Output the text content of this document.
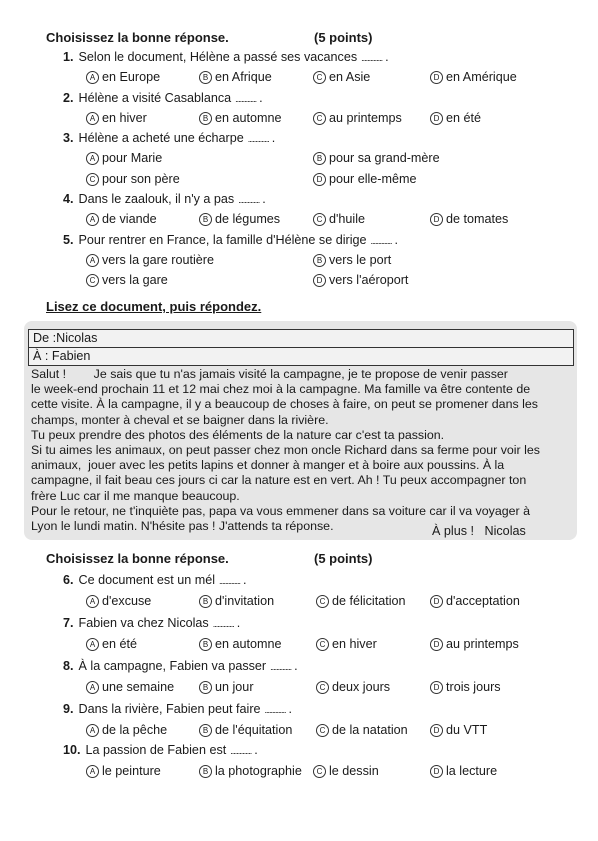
Choisissez la bonne réponse.	(5 points)
1. Selon le document, Hélène a passé ses vacances .............. .
A en Europe	B en Afrique	C en Asie	D en Amérique
2. Hélène a visité Casablanca .............. .
A en hiver	B en automne	C au printemps	D en été
3. Hélène a acheté une écharpe .............. .
A pour Marie	B pour sa grand-mère
C pour son père	D pour elle-même
4. Dans le zaalouk, il n'y a pas .............. .
A de viande	B de légumes	C d'huile	D de tomates
5. Pour rentrer en France, la famille d'Hélène se dirige .............. .
A vers la gare routière	B vers le port
C vers la gare	D vers l'aéroport
Lisez ce document, puis répondez.
De :Nicolas
À : Fabien

Salut !        Je sais que tu n'as jamais visité la campagne, je te propose de venir passer

le week-end prochain 11 et 12 mai chez moi à la campagne. Ma famille va être contente de

cette visite. À la campagne, il y a beaucoup de choses à faire, on peut se promener dans les

champs, monter à cheval et se baigner dans la rivière.

Tu peux prendre des photos des éléments de la nature car c'est ta passion.

Si tu aimes les animaux, on peut passer chez mon oncle Richard dans sa ferme pour voir les

animaux,  jouer avec les petits lapins et donner à manger et à boire aux poussins. À la

campagne, il fait beau ces jours ci car la nature est en vert. Ah ! Tu peux accompagner ton

frère Luc car il me manque beaucoup.

Pour le retour, ne t'inquiète pas, papa va vous emmener dans sa voiture car il va voyager à

Lyon le lundi matin. N'hésite pas ! J'attends ta réponse.	À plus !   Nicolas
Choisissez la bonne réponse.	(5 points)
6. Ce document est un mél .............. .
A d'excuse	B d'invitation	C de félicitation	D d'acceptation
7. Fabien va chez Nicolas .............. .
A en été	B en automne	C en hiver	D au printemps
8. À la campagne, Fabien va passer .............. .
A une semaine	B un jour	C deux jours	D trois jours
9. Dans la rivière, Fabien peut faire .............. .
A de la pêche	B de l'équitation	C de la natation	D du VTT
10. La passion de Fabien est .............. .
A le peinture	B la photographie	C le dessin	D la lecture
